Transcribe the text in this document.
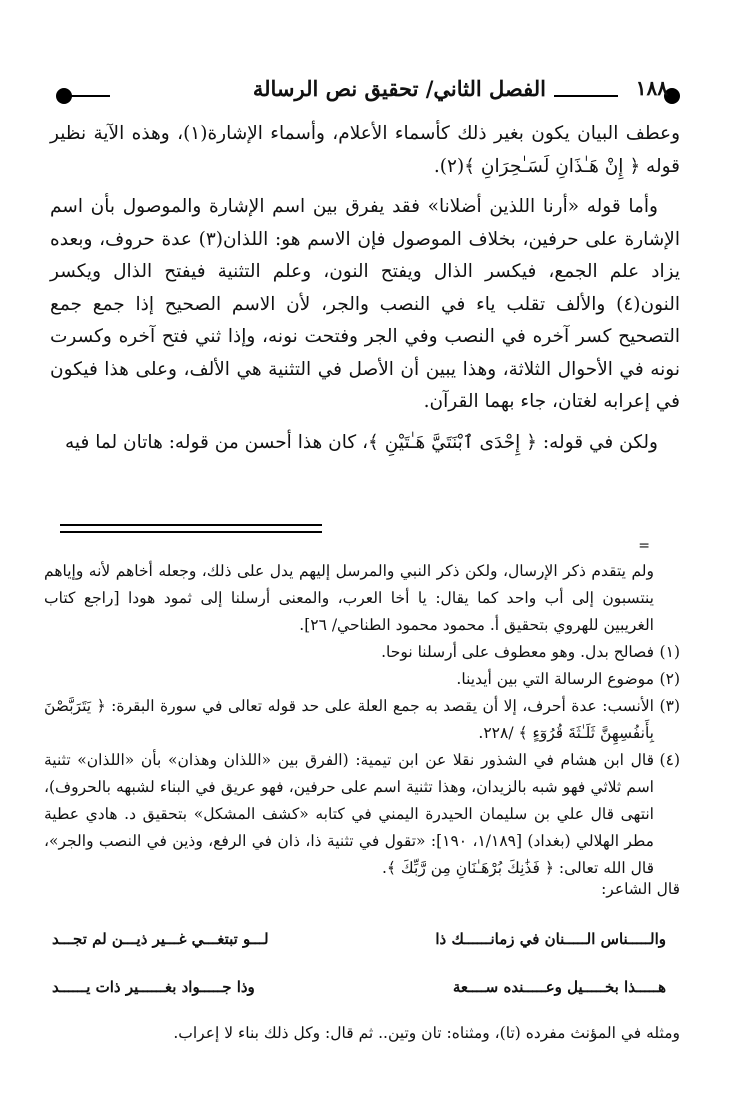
١٨٨
الفصل الثاني/ تحقيق نص الرسالة

وعطف البيان يكون بغير ذلك كأسماء الأعلام، وأسماء الإشارة(١)، وهذه الآية نظير قوله ﴿ إِنْ هَـٰذَانِ لَسَـٰحِرَانِ ﴾(٢).

وأما قوله «أرنا اللذين أضلانا» فقد يفرق بين اسم الإشارة والموصول بأن اسم الإشارة على حرفين، بخلاف الموصول فإن الاسم هو: اللذان(٣) عدة حروف، وبعده يزاد علم الجمع، فيكسر الذال ويفتح النون، وعلم التثنية فيفتح الذال ويكسر النون(٤) والألف تقلب ياء في النصب والجر، لأن الاسم الصحيح إذا جمع جمع التصحيح كسر آخره في النصب وفي الجر وفتحت نونه، وإذا ثني فتح آخره وكسرت نونه في الأحوال الثلاثة، وهذا يبين أن الأصل في التثنية هي الألف، وعلى هذا فيكون في إعرابه لغتان، جاء بهما القرآن.

ولكن في قوله: ﴿ إِحْدَى ٱبْنَتَيَّ هَـٰتَيْنِ ﴾، كان هذا أحسن من قوله: هاتان لما فيه

=

ولم يتقدم ذكر الإرسال، ولكن ذكر النبي والمرسل إليهم يدل على ذلك، وجعله أخاهم لأنه وإياهم ينتسبون إلى أب واحد كما يقال: يا أخا العرب، والمعنى أرسلنا إلى ثمود هودا [راجع كتاب الغريبين للهروي بتحقيق أ. محمود محمود الطناحي/ ٢٦].

(١)
فصالح بدل. وهو معطوف على أرسلنا نوحا.
(٢)
موضوع الرسالة التي بين أيدينا.
(٣)
الأنسب: عدة أحرف، إلا أن يقصد به جمع العلة على حد قوله تعالى في سورة البقرة: ﴿ يَتَرَبَّصْنَ بِأَنفُسِهِنَّ ثَلَـٰثَةَ قُرُوٓءٍ ﴾ /٢٢٨.
(٤)
قال ابن هشام في الشذور نقلا عن ابن تيمية: (الفرق بين «اللذان وهذان» بأن «اللذان» تثنية اسم ثلاثي فهو شبه بالزيدان، وهذا تثنية اسم على حرفين، فهو عريق في البناء لشبهه بالحروف)، انتهى قال علي بن سليمان الحيدرة اليمني في كتابه «كشف المشكل» بتحقيق د. هادي عطية مطر الهلالي (بغداد) [١/١٨٩، ١٩٠]: «تقول في تثنية ذا، ذان في الرفع، وذين في النصب والجر»، قال الله تعالى: ﴿ فَذَٰنِكَ بُرْهَـٰنَانِ مِن رَّبِّكَ ﴾.
قال الشاعر:
والـــــناس الـــــنان في زمانــــــك ذا
لـــو تبتغـــي غـــير ذيـــن لم تجـــد
هـــــذا بخـــــيل وعـــــنده ســــعة
وذا جـــــواد بغــــــير ذات يــــــد
ومثله في المؤنث مفرده (تا)، ومثناه: تان وتين.. ثم قال: وكل ذلك بناء لا إعراب.
